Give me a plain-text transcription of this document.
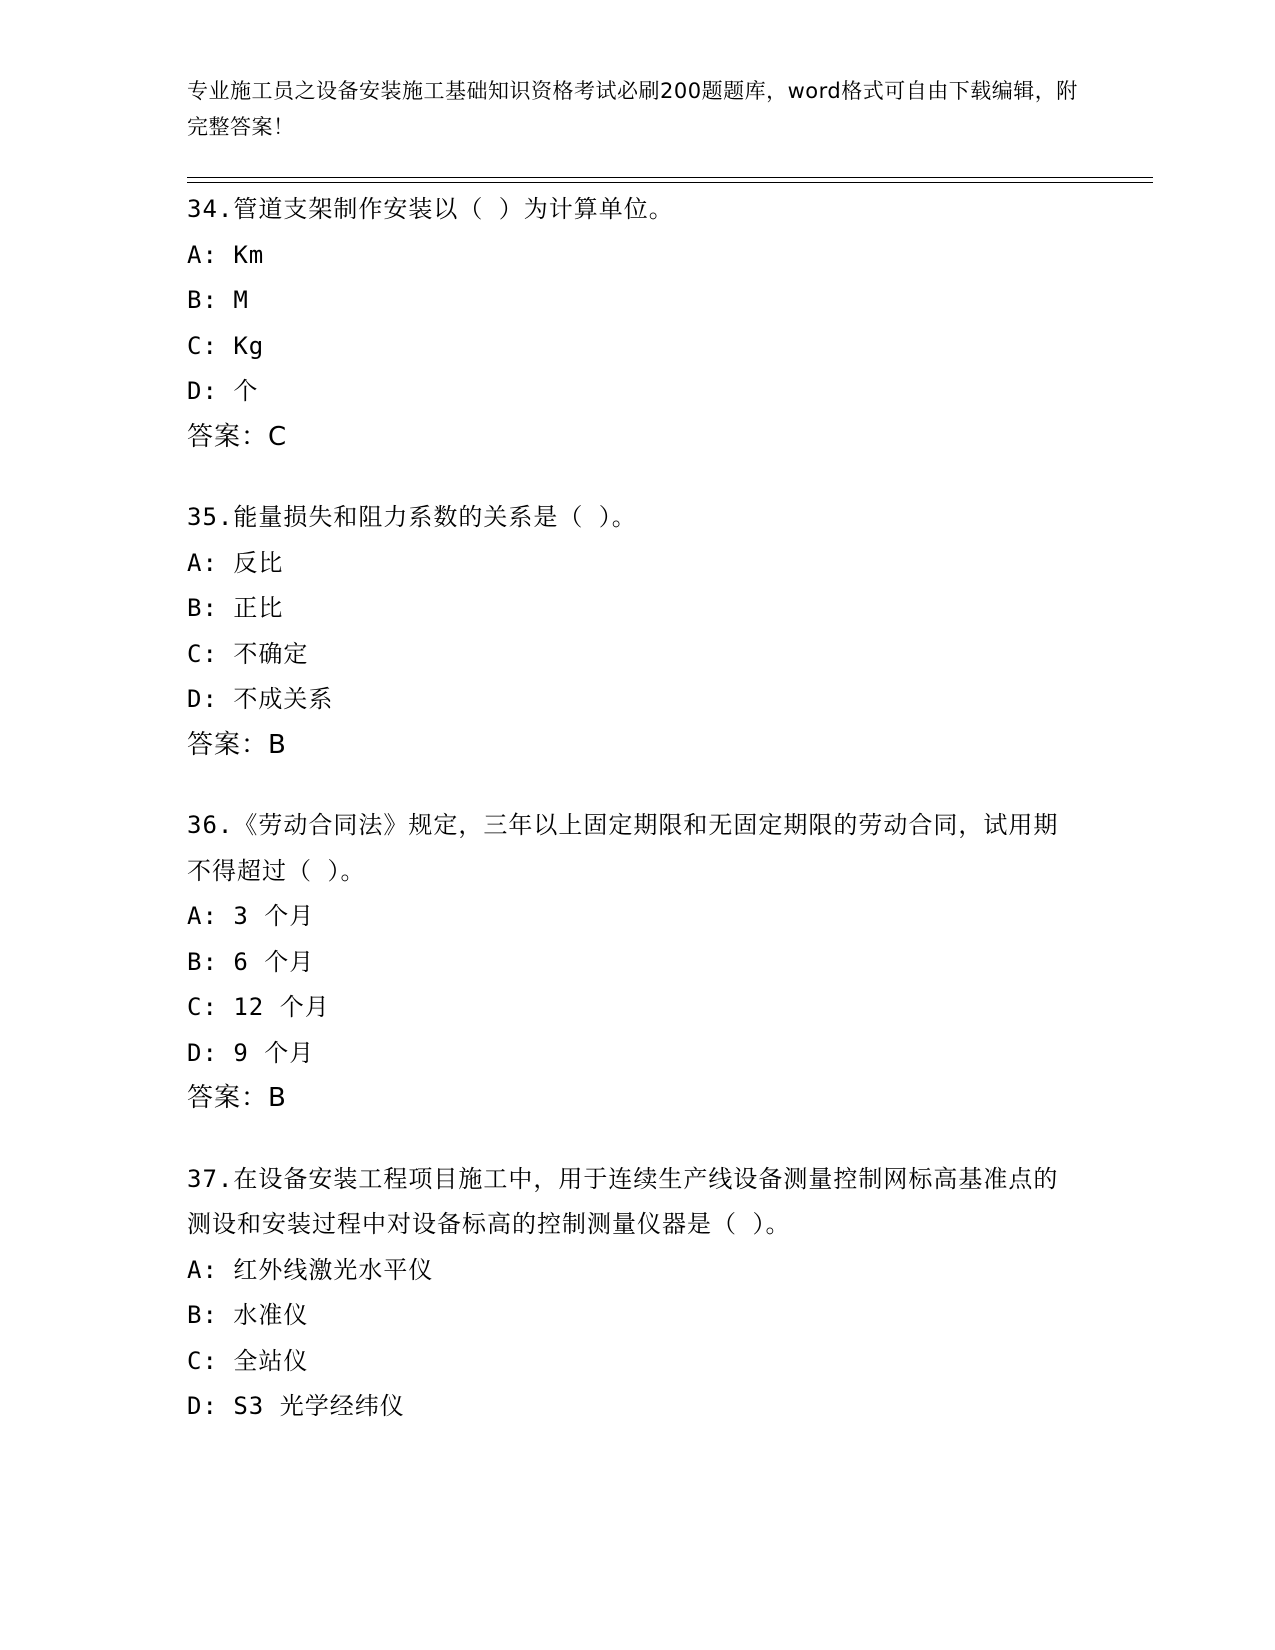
专业施工员之设备安装施工基础知识资格考试必刷200题题库，word格式可自由下载编辑，附完整答案！
34.管道支架制作安装以（ ）为计算单位。
A: Km
B: M
C: Kg
D: 个
答案：C
35.能量损失和阻力系数的关系是（ ）。
A: 反比
B: 正比
C: 不确定
D: 不成关系
答案：B
36.《劳动合同法》规定，三年以上固定期限和无固定期限的劳动合同，试用期不得超过（ ）。
A: 3 个月
B: 6 个月
C: 12 个月
D: 9 个月
答案：B
37.在设备安装工程项目施工中，用于连续生产线设备测量控制网标高基准点的测设和安装过程中对设备标高的控制测量仪器是（ ）。
A: 红外线激光水平仪
B: 水准仪
C: 全站仪
D: S3 光学经纬仪
